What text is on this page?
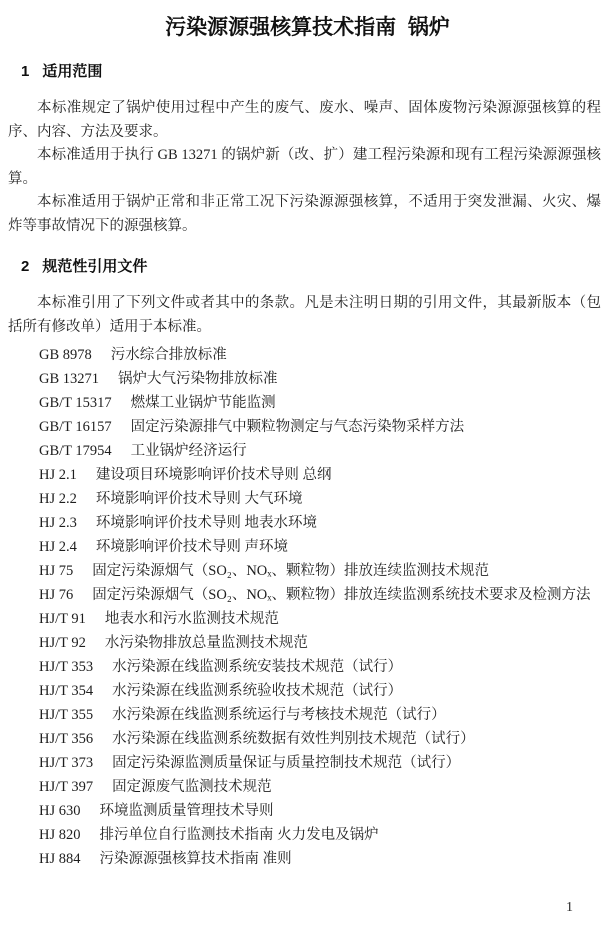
污染源源强核算技术指南  锅炉
1 适用范围

本标准规定了锅炉使用过程中产生的废气、废水、噪声、固体废物污染源源强核算的程序、内容、方法及要求。

本标准适用于执行 GB 13271 的锅炉新（改、扩）建工程污染源和现有工程污染源源强核算。

本标准适用于锅炉正常和非正常工况下污染源源强核算，不适用于突发泄漏、火灾、爆炸等事故情况下的源强核算。

2 规范性引用文件

本标准引用了下列文件或者其中的条款。凡是未注明日期的引用文件，其最新版本（包括所有修改单）适用于本标准。

GB 8978 污水综合排放标准
GB 13271 锅炉大气污染物排放标准
GB/T 15317 燃煤工业锅炉节能监测
GB/T 16157 固定污染源排气中颗粒物测定与气态污染物采样方法
GB/T 17954 工业锅炉经济运行
HJ 2.1 建设项目环境影响评价技术导则 总纲
HJ 2.2 环境影响评价技术导则 大气环境
HJ 2.3 环境影响评价技术导则 地表水环境
HJ 2.4 环境影响评价技术导则 声环境
HJ 75 固定污染源烟气（SO₂、NOₓ、颗粒物）排放连续监测技术规范
HJ 76 固定污染源烟气（SO₂、NOₓ、颗粒物）排放连续监测系统技术要求及检测方法
HJ/T 91 地表水和污水监测技术规范
HJ/T 92 水污染物排放总量监测技术规范
HJ/T 353 水污染源在线监测系统安装技术规范（试行）
HJ/T 354 水污染源在线监测系统验收技术规范（试行）
HJ/T 355 水污染源在线监测系统运行与考核技术规范（试行）
HJ/T 356 水污染源在线监测系统数据有效性判别技术规范（试行）
HJ/T 373 固定污染源监测质量保证与质量控制技术规范（试行）
HJ/T 397 固定源废气监测技术规范
HJ 630 环境监测质量管理技术导则
HJ 820 排污单位自行监测技术指南 火力发电及锅炉
HJ 884 污染源源强核算技术指南 准则
1
